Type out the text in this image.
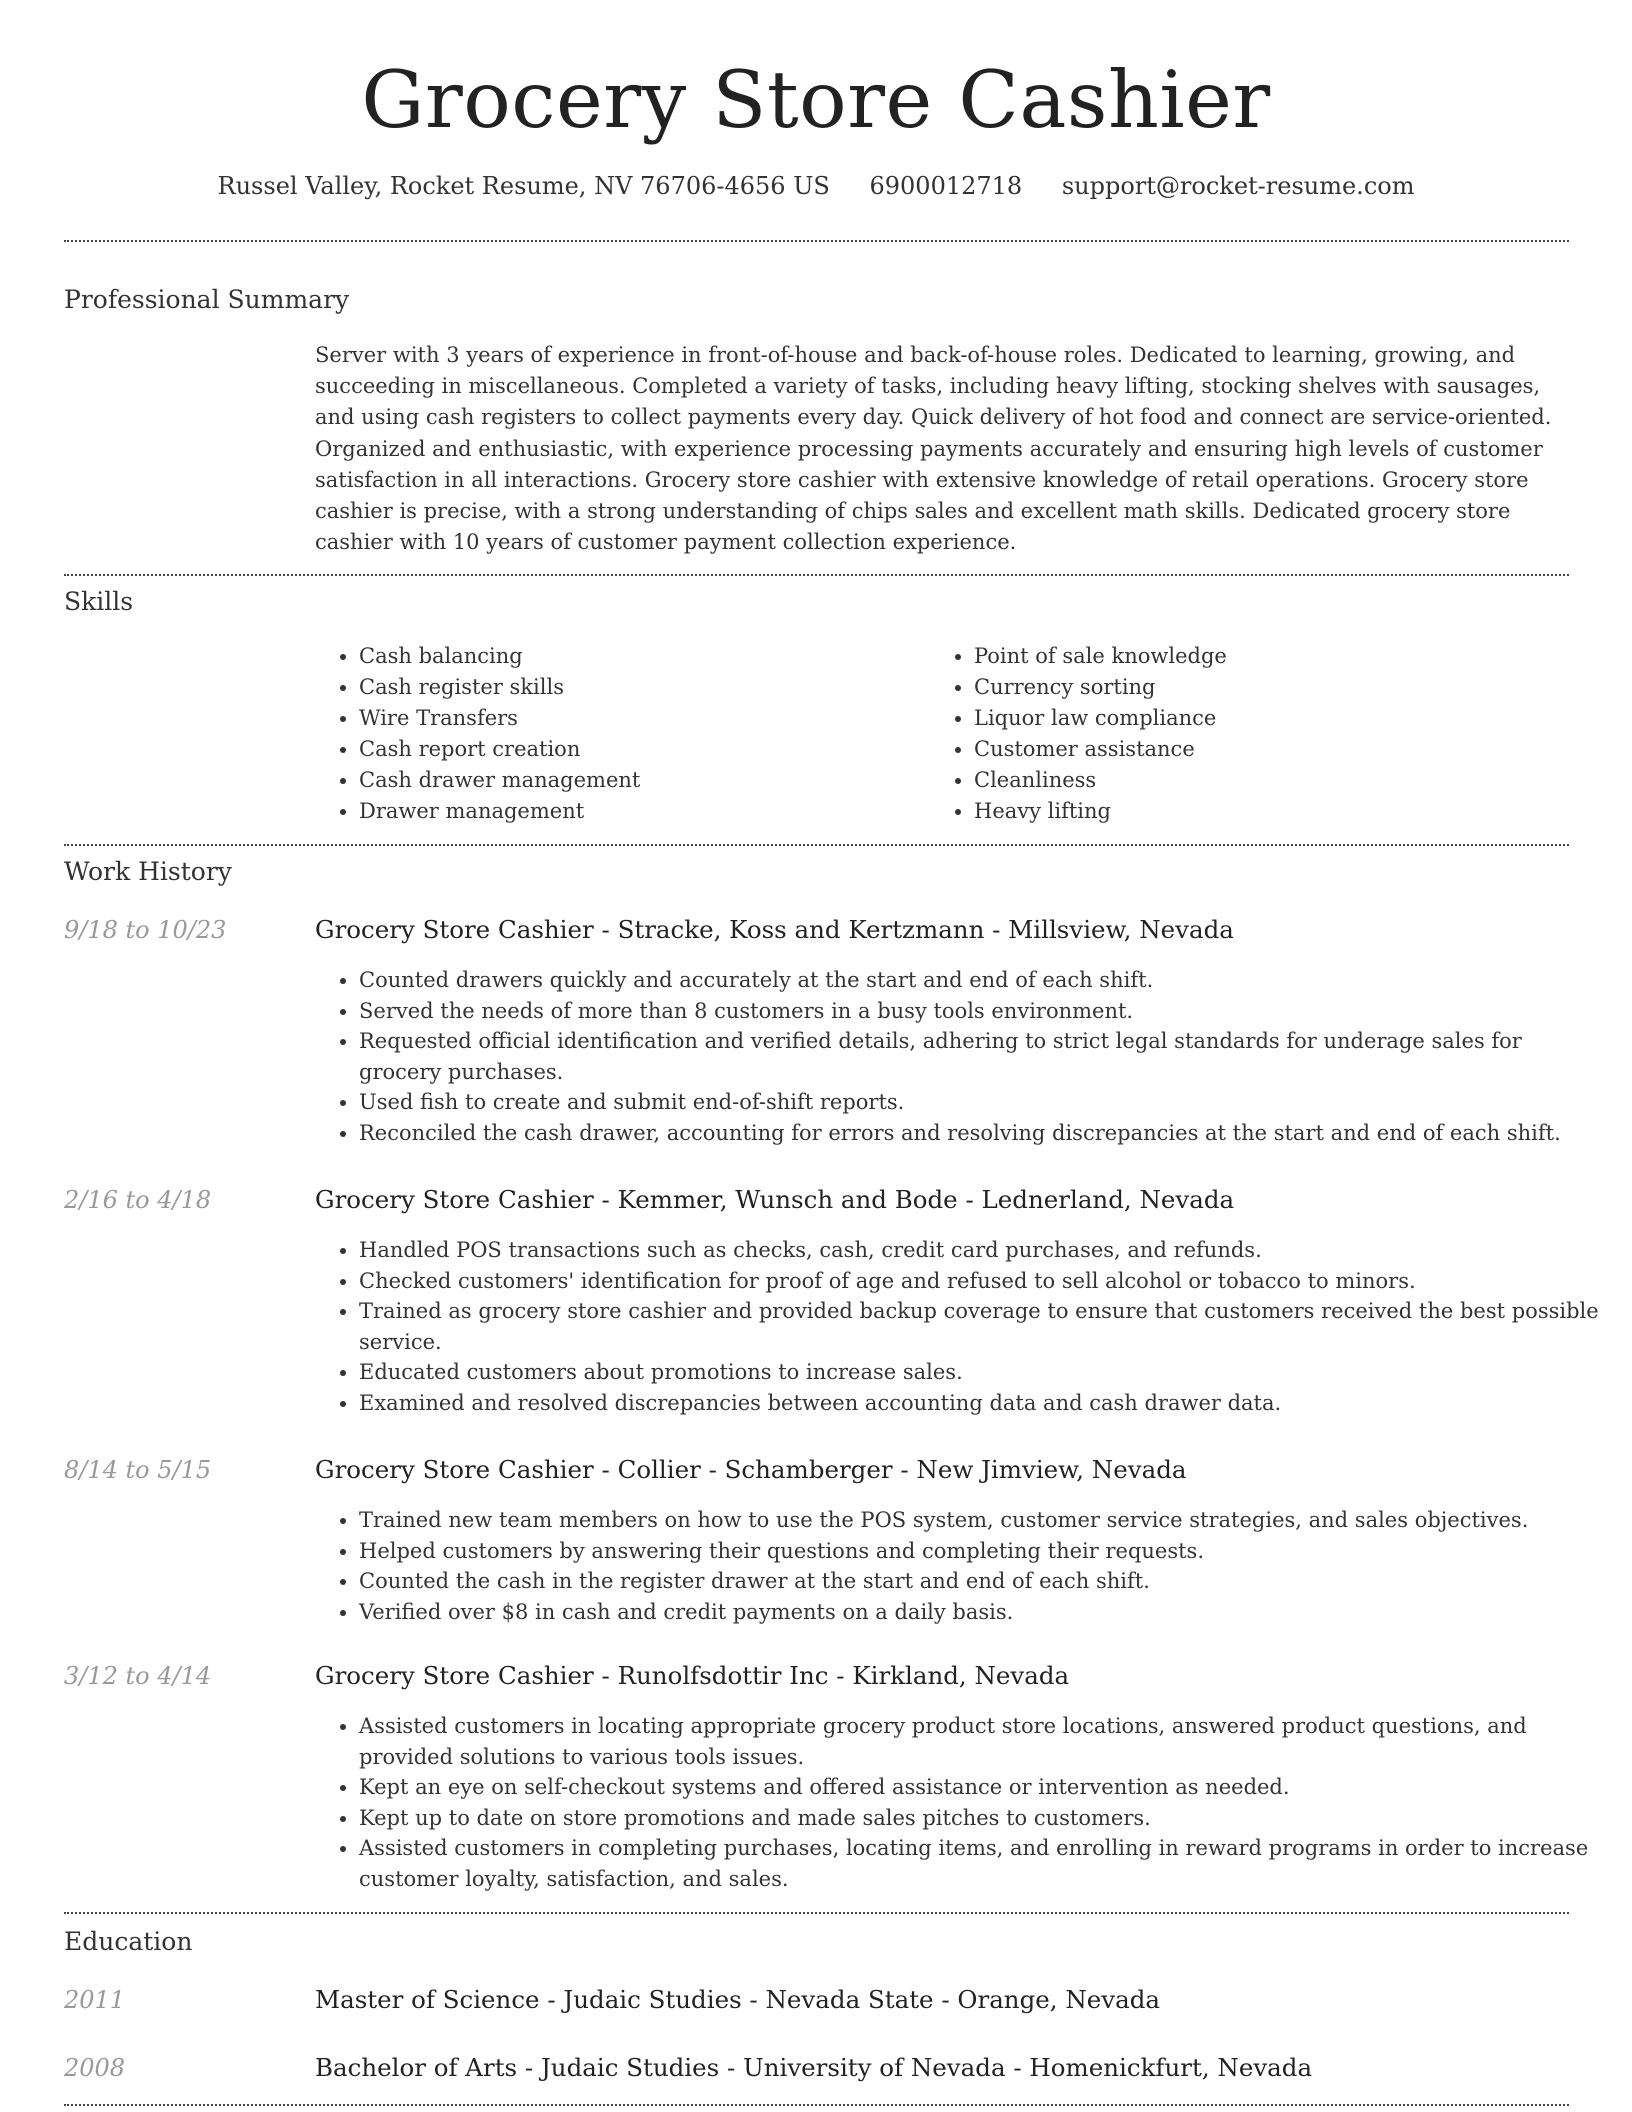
Grocery Store Cashier
Russel Valley, Rocket Resume, NV 76706-4656 US 6900012718 support@rocket-resume.com
Professional Summary

Server with 3 years of experience in front-of-house and back-of-house roles. Dedicated to learning, growing, and succeeding in miscellaneous. Completed a variety of tasks, including heavy lifting, stocking shelves with sausages, and using cash registers to collect payments every day. Quick delivery of hot food and connect are service-oriented. Organized and enthusiastic, with experience processing payments accurately and ensuring high levels of customer satisfaction in all interactions. Grocery store cashier with extensive knowledge of retail operations. Grocery store cashier is precise, with a strong understanding of chips sales and excellent math skills. Dedicated grocery store cashier with 10 years of customer payment collection experience.

Skills
• Cash balancing
• Cash register skills
• Wire Transfers
• Cash report creation
• Cash drawer management
• Drawer management
• Point of sale knowledge
• Currency sorting
• Liquor law compliance
• Customer assistance
• Cleanliness
• Heavy lifting
Work History
9/18 to 10/23	Grocery Store Cashier - Stracke, Koss and Kertzmann - Millsview, Nevada
• Counted drawers quickly and accurately at the start and end of each shift.
• Served the needs of more than 8 customers in a busy tools environment.
• Requested official identification and verified details, adhering to strict legal standards for underage sales for grocery purchases.
• Used fish to create and submit end-of-shift reports.
• Reconciled the cash drawer, accounting for errors and resolving discrepancies at the start and end of each shift.
2/16 to 4/18	Grocery Store Cashier - Kemmer, Wunsch and Bode - Lednerland, Nevada
• Handled POS transactions such as checks, cash, credit card purchases, and refunds.
• Checked customers' identification for proof of age and refused to sell alcohol or tobacco to minors.
• Trained as grocery store cashier and provided backup coverage to ensure that customers received the best possible service.
• Educated customers about promotions to increase sales.
• Examined and resolved discrepancies between accounting data and cash drawer data.
8/14 to 5/15	Grocery Store Cashier - Collier - Schamberger - New Jimview, Nevada
• Trained new team members on how to use the POS system, customer service strategies, and sales objectives.
• Helped customers by answering their questions and completing their requests.
• Counted the cash in the register drawer at the start and end of each shift.
• Verified over $8 in cash and credit payments on a daily basis.
3/12 to 4/14	Grocery Store Cashier - Runolfsdottir Inc - Kirkland, Nevada
• Assisted customers in locating appropriate grocery product store locations, answered product questions, and provided solutions to various tools issues.
• Kept an eye on self-checkout systems and offered assistance or intervention as needed.
• Kept up to date on store promotions and made sales pitches to customers.
• Assisted customers in completing purchases, locating items, and enrolling in reward programs in order to increase customer loyalty, satisfaction, and sales.
Education
2011	Master of Science - Judaic Studies - Nevada State - Orange, Nevada
2008	Bachelor of Arts - Judaic Studies - University of Nevada - Homenickfurt, Nevada
